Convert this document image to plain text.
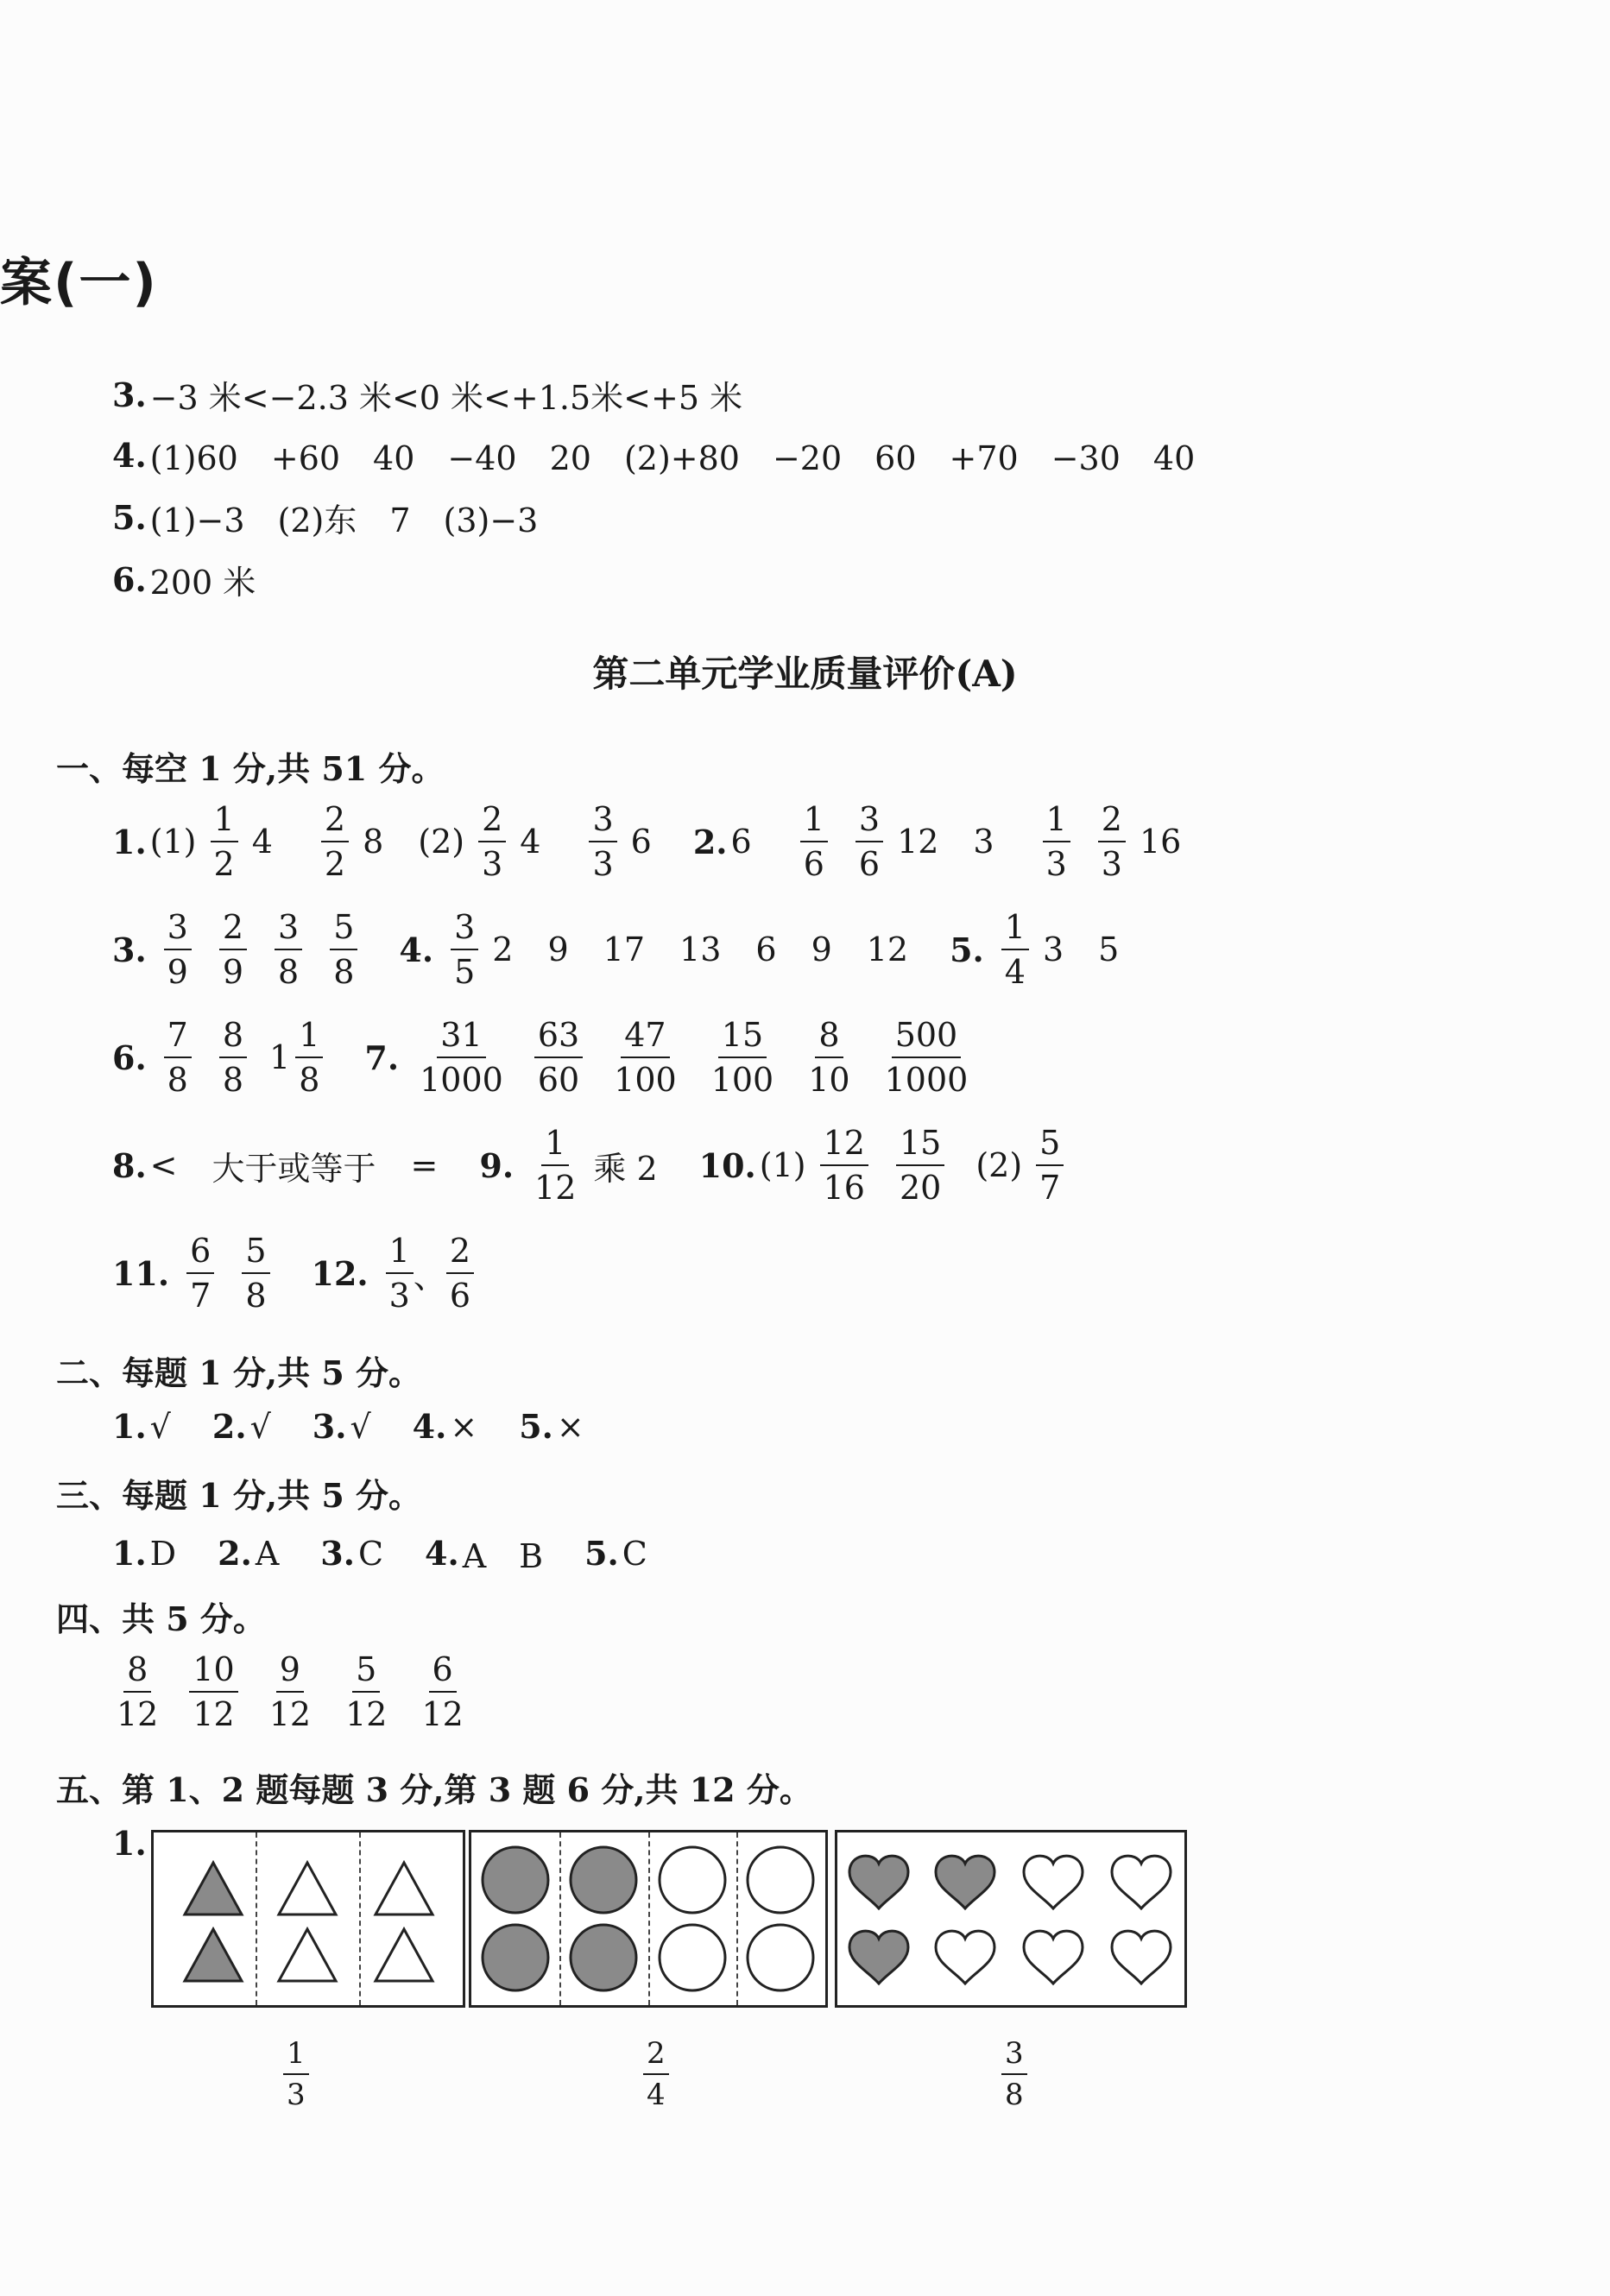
案(一)
3. −3 米<−2.3 米<0 米<+1.5米<+5 米
4. (1)60　+60　40　−40　20　(2)+80　−20　60　+70　−30　40
5. (1)−3　(2)东　7　(3)−3
6. 200 米
第二单元学业质量评价(A)
一、每空 1 分,共 51 分。
1. $(1) \frac{1}{2} 4 \frac{2}{2} 8$ $(2) \frac{2}{3} 4 \frac{3}{3} 6$ 2. $6 \frac{1}{6} \frac{3}{6} 12$ $3 \frac{1}{3} \frac{2}{3} 16$
3. $\frac{3}{9} \frac{2}{9} \frac{3}{8} \frac{5}{8} 4$. $\frac{3}{5} 2$ 9 17 13 6 9 12 5. $\frac{1}{4} 3$ 5
6. $\frac{7}{8} \frac{8}{8} 1 \frac{1}{8} 7$. $\frac{31}{1000} \frac{63}{60} \frac{47}{100} \frac{15}{100} \frac{8}{10} \frac{500}{1000}$
8. < 大于或等于 = 9. $\frac{1}{12}$ 乘 2 10. $(1) \frac{12}{16} \frac{15}{20} (2) \frac{5}{7}$
11. $\frac{6}{7} \frac{5}{8} 12$. $\frac{1}{3}$ 、 $\frac{2}{6}$
二、每题 1 分,共 5 分。
1. √ 2. √ 3. √ 4. × 5. ×
三、每题 1 分,共 5 分。
1. D 2. A 3. C 4. A　B 5. C
四、共 5 分。
$\frac{8}{12} \frac{10}{12} \frac{9}{12} \frac{5}{12} \frac{6}{12}$
五、第 1、2 题每题 3 分,第 3 题 6 分,共 12 分。
1.
$\frac{1}{3}$	$\frac{2}{4}$	$\frac{3}{8}$
